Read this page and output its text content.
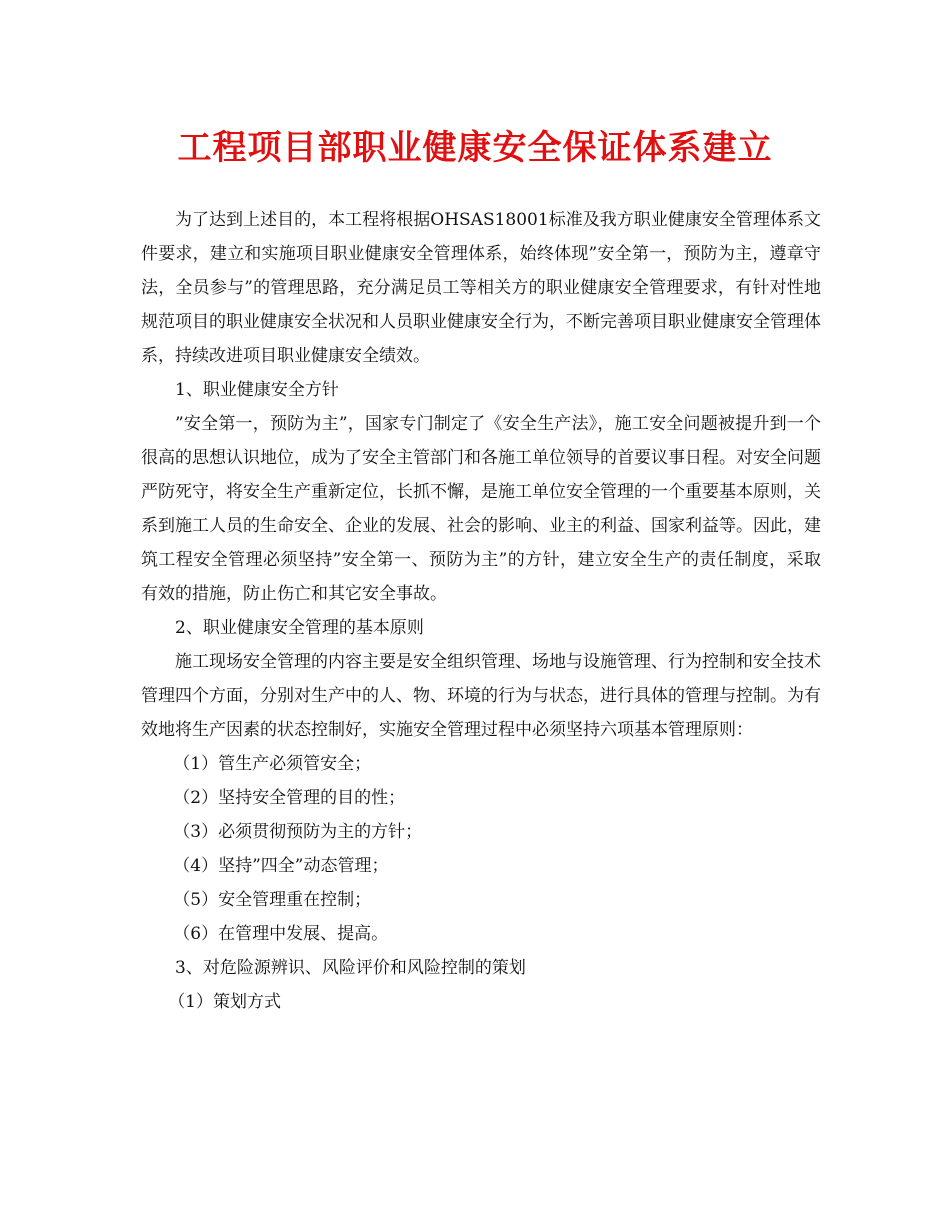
工程项目部职业健康安全保证体系建立

为了达到上述目的，本工程将根据OHSAS18001标准及我方职业健康安全管理体系文件要求，建立和实施项目职业健康安全管理体系，始终体现”安全第一，预防为主，遵章守法，全员参与”的管理思路，充分满足员工等相关方的职业健康安全管理要求，有针对性地规范项目的职业健康安全状况和人员职业健康安全行为，不断完善项目职业健康安全管理体系，持续改进项目职业健康安全绩效。

1、职业健康安全方针

”安全第一，预防为主”，国家专门制定了《安全生产法》，施工安全问题被提升到一个很高的思想认识地位，成为了安全主管部门和各施工单位领导的首要议事日程。对安全问题严防死守，将安全生产重新定位，长抓不懈，是施工单位安全管理的一个重要基本原则，关系到施工人员的生命安全、企业的发展、社会的影响、业主的利益、国家利益等。因此，建筑工程安全管理必须坚持”安全第一、预防为主”的方针，建立安全生产的责任制度，采取有效的措施，防止伤亡和其它安全事故。

2、职业健康安全管理的基本原则

施工现场安全管理的内容主要是安全组织管理、场地与设施管理、行为控制和安全技术管理四个方面，分别对生产中的人、物、环境的行为与状态，进行具体的管理与控制。为有效地将生产因素的状态控制好，实施安全管理过程中必须坚持六项基本管理原则：

（1）管生产必须管安全；

（2）坚持安全管理的目的性；

（3）必须贯彻预防为主的方针；

（4）坚持”四全”动态管理；

（5）安全管理重在控制；

（6）在管理中发展、提高。

3、对危险源辨识、风险评价和风险控制的策划

（1）策划方式
